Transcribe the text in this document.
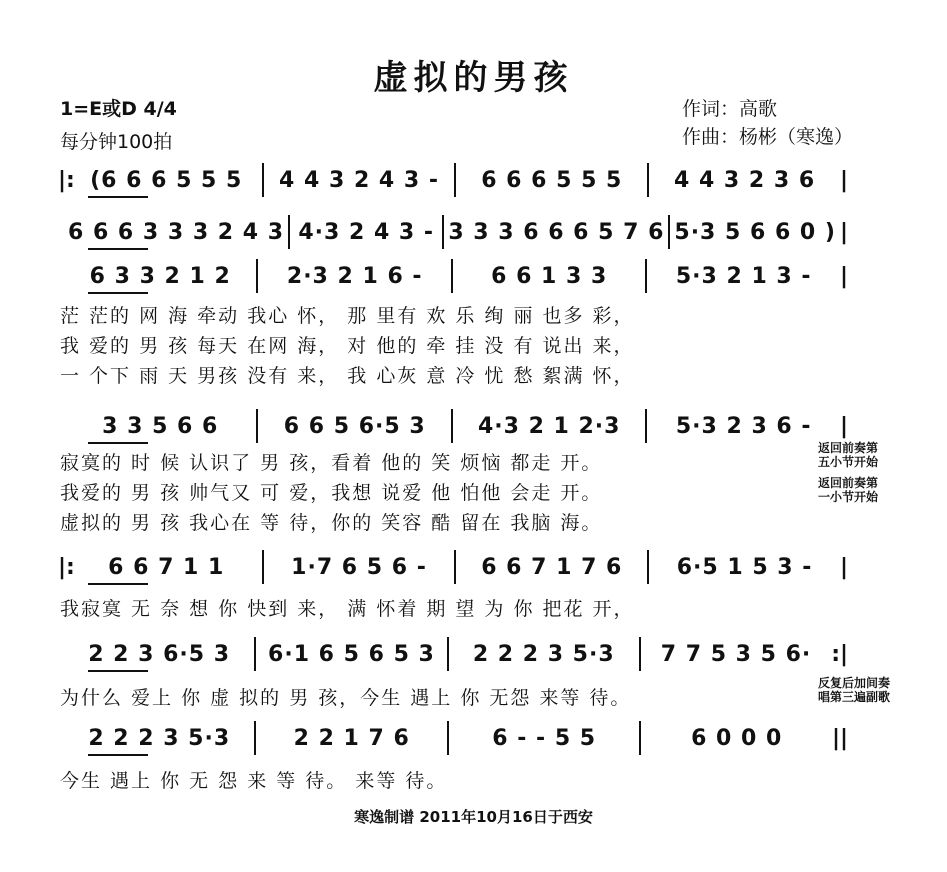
虚拟的男孩
1=E或D 4/4
每分钟100拍
作词：高歌
作曲：杨彬（寒逸）
|: (6 6 6 5 5 5	4 4 3 2 4 3 -	6 6 6 5 5 5	4 4 3 2 3 6	|
6 6 6 3 3 3 2 4 3 4·3 2 4 3 - 3 3 3 6 6 6 5 7 6 5·3 5 6 6 0 ) |
6 3 3 2 1 2	2·3 2 1 6 -	6 6 1 3 3	5·3 2 1 3 -	|
3 3 5 6 6	6 6 5 6·5 3	4·3 2 1 2·3	5·3 2 3 6 -	|
|:	6 6 7 1 1	1·7 6 5 6 -	6 6 7 1 7 6	6·5 1 5 3 -	|
2 2 3 6·5 3	6·1 6 5 6 5 3	2 2 2 3 5·3	7 7 5 3 5 6· :|
2 2 2 3 5·3	2 2 1 7 6	6 - - 5 5	6 0 0 0	||
茫 茫的 网 海 牵动 我心 怀， 那 里有 欢 乐 绚 丽 也多 彩，
我 爱的 男 孩 每天 在网 海， 对 他的 牵 挂 没 有 说出 来，
一 个下 雨 天 男孩 没有 来， 我 心灰 意 冷 忧 愁 絮满 怀，
寂寞的 时 候 认识了 男 孩，看着 他的 笑 烦恼 都走 开。
我爱的 男 孩 帅气又 可 爱，我想 说爱 他 怕他 会走 开。
虚拟的 男 孩 我心在 等 待，你的 笑容 酷 留在 我脑 海。
我寂寞 无 奈 想 你 快到 来， 满 怀着 期 望 为 你 把花 开，
为什么 爱上 你 虚 拟的 男 孩，今生 遇上 你 无怨 来等 待。
今生 遇上 你 无 怨 来 等 待。 来等 待。
返回前奏第
五小节开始
返回前奏第
一小节开始
反复后加间奏
唱第三遍副歌
寒逸制谱 2011年10月16日于西安
